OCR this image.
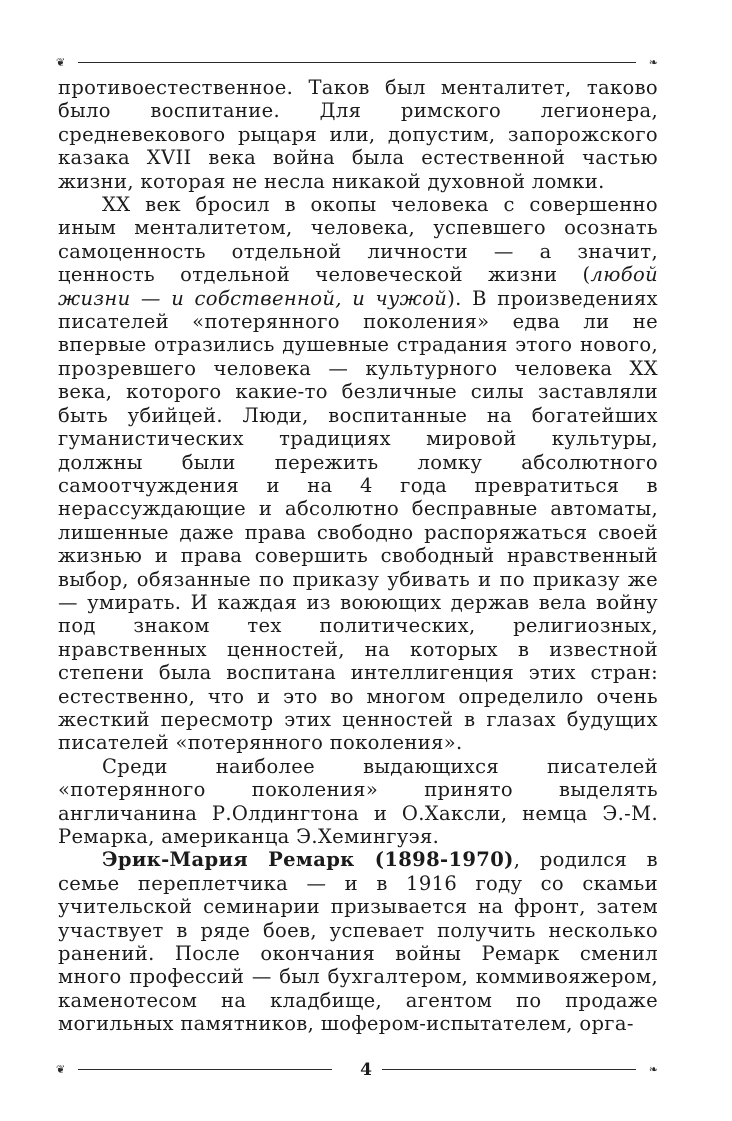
❦	❧

противоестественное. Таков был менталитет, таково было воспитание. Для римского легионера, средневекового рыцаря или, допустим, запорожского казака XVII века война была естественной частью жизни, которая не несла никакой духовной ломки.

XX век бросил в окопы человека с совершенно иным менталитетом, человека, успевшего осознать самоценность отдельной личности — а значит, ценность отдельной человеческой жизни (любой жизни — и собственной, и чужой). В произведениях писателей «потерянного поколения» едва ли не впервые отразились душевные страдания этого нового, прозревшего человека — культурного человека XX века, которого какие-то безличные силы заставляли быть убийцей. Люди, воспитанные на богатейших гуманистических традициях мировой культуры, должны были пережить ломку абсолютного самоотчуждения и на 4 года превратиться в нерассуждающие и абсолютно бесправные автоматы, лишенные даже права свободно распоряжаться своей жизнью и права совершить свободный нравственный выбор, обязанные по приказу убивать и по приказу же — умирать. И каждая из воюющих держав вела войну под знаком тех политических, религиозных, нравственных ценностей, на которых в известной степени была воспитана интеллигенция этих стран: естественно, что и это во многом определило очень жесткий пересмотр этих ценностей в глазах будущих писателей «потерянного поколения».

Среди наиболее выдающихся писателей «потерянного поколения» принято выделять англичанина Р.Олдингтона и О.Хаксли, немца Э.-М. Ремарка, американца Э.Хемингуэя.

Эрик-Мария Ремарк (1898-1970), родился в семье переплетчика — и в 1916 году со скамьи учительской семинарии призывается на фронт, затем участвует в ряде боев, успевает получить несколько ранений. После окончания войны Ремарк сменил много профессий — был бухгалтером, коммивояжером, каменотесом на кладбище, агентом по продаже могильных памятников, шофером-испытателем, орга-

❦	❧
4
